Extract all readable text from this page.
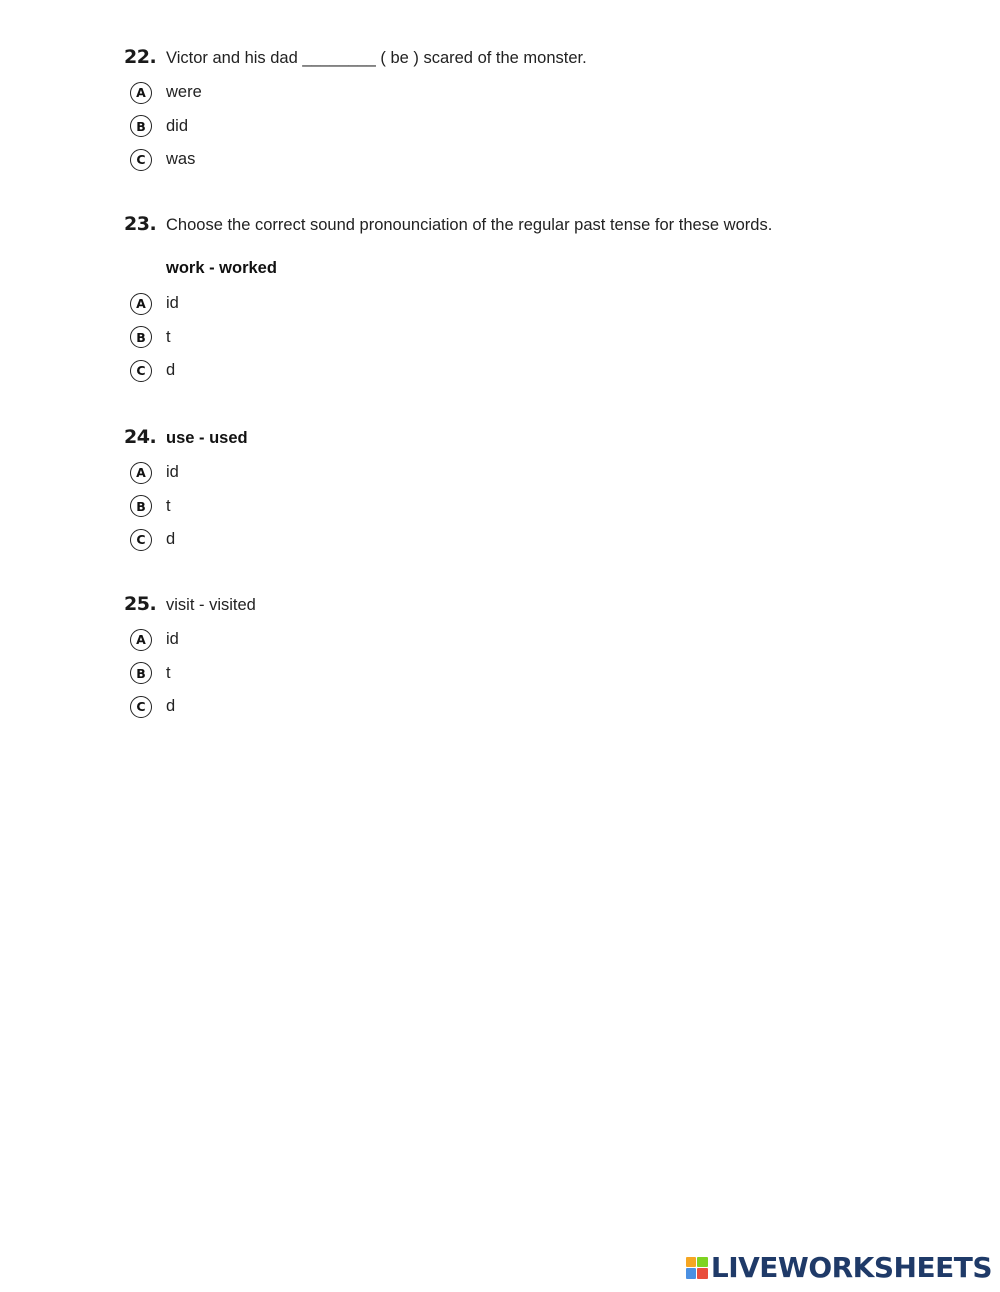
22. Victor and his dad ________ ( be ) scared of the monster.
A	were
B	did
C	was
23. Choose the correct sound pronounciation of the regular past tense for these words.
work - worked
A	id
B	t
C	d
24. use - used
A	id
B	t
C	d
25. visit - visited
A	id
B	t
C	d
LIVEWORKSHEETS
